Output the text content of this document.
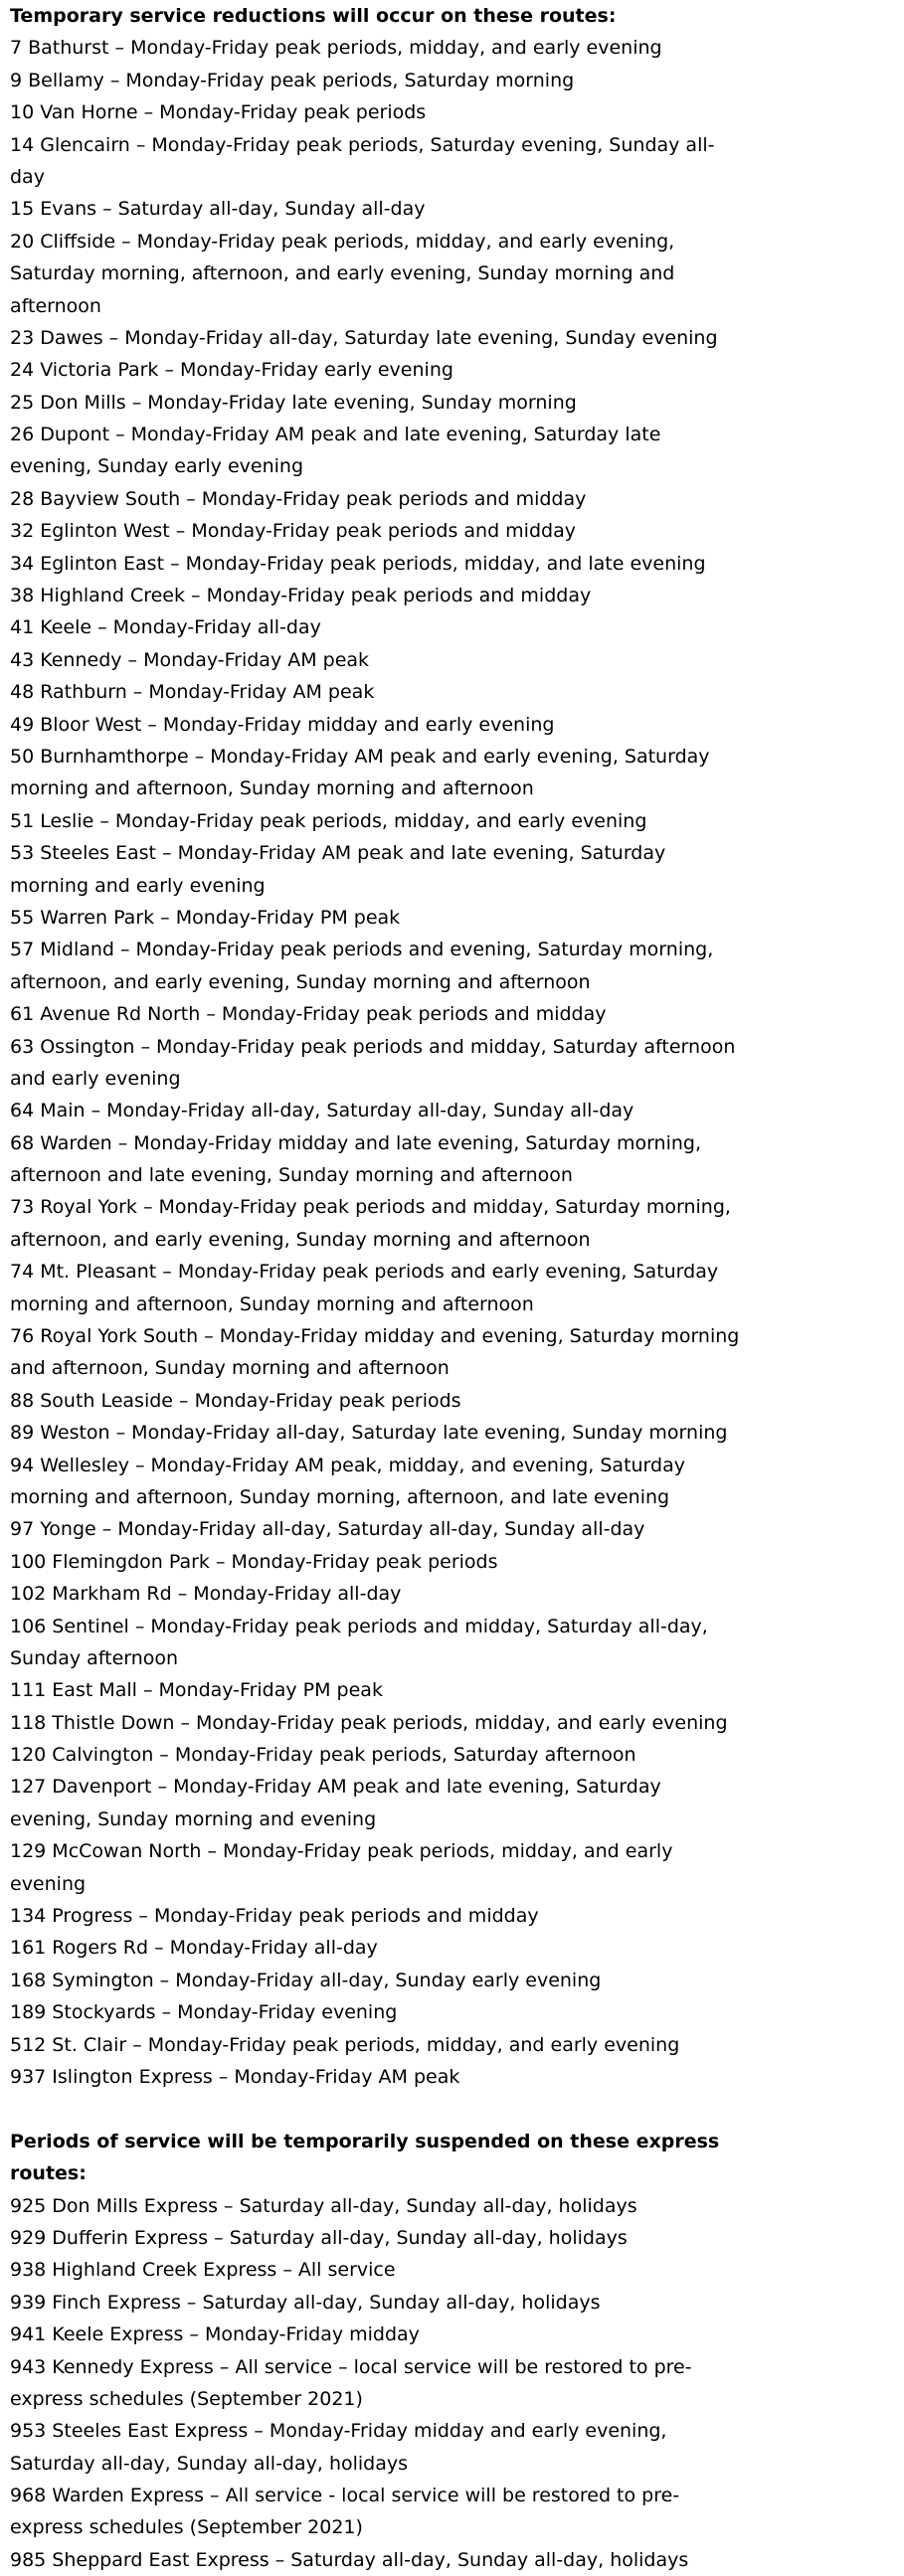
Temporary service reductions will occur on these routes:
7 Bathurst – Monday-Friday peak periods, midday, and early evening
9 Bellamy – Monday-Friday peak periods, Saturday morning
10 Van Horne – Monday-Friday peak periods
14 Glencairn – Monday-Friday peak periods, Saturday evening, Sunday all-day
15 Evans – Saturday all-day, Sunday all-day
20 Cliffside – Monday-Friday peak periods, midday, and early evening, Saturday morning, afternoon, and early evening, Sunday morning and afternoon
23 Dawes – Monday-Friday all-day, Saturday late evening, Sunday evening
24 Victoria Park – Monday-Friday early evening
25 Don Mills – Monday-Friday late evening, Sunday morning
26 Dupont – Monday-Friday AM peak and late evening, Saturday late evening, Sunday early evening
28 Bayview South – Monday-Friday peak periods and midday
32 Eglinton West – Monday-Friday peak periods and midday
34 Eglinton East – Monday-Friday peak periods, midday, and late evening
38 Highland Creek – Monday-Friday peak periods and midday
41 Keele – Monday-Friday all-day
43 Kennedy – Monday-Friday AM peak
48 Rathburn – Monday-Friday AM peak
49 Bloor West – Monday-Friday midday and early evening
50 Burnhamthorpe – Monday-Friday AM peak and early evening, Saturday morning and afternoon, Sunday morning and afternoon
51 Leslie – Monday-Friday peak periods, midday, and early evening
53 Steeles East – Monday-Friday AM peak and late evening, Saturday morning and early evening
55 Warren Park – Monday-Friday PM peak
57 Midland – Monday-Friday peak periods and evening, Saturday morning, afternoon, and early evening, Sunday morning and afternoon
61 Avenue Rd North – Monday-Friday peak periods and midday
63 Ossington – Monday-Friday peak periods and midday, Saturday afternoon and early evening
64 Main – Monday-Friday all-day, Saturday all-day, Sunday all-day
68 Warden – Monday-Friday midday and late evening, Saturday morning, afternoon and late evening, Sunday morning and afternoon
73 Royal York – Monday-Friday peak periods and midday, Saturday morning, afternoon, and early evening, Sunday morning and afternoon
74 Mt. Pleasant – Monday-Friday peak periods and early evening, Saturday morning and afternoon, Sunday morning and afternoon
76 Royal York South – Monday-Friday midday and evening, Saturday morning and afternoon, Sunday morning and afternoon
88 South Leaside – Monday-Friday peak periods
89 Weston – Monday-Friday all-day, Saturday late evening, Sunday morning
94 Wellesley – Monday-Friday AM peak, midday, and evening, Saturday morning and afternoon, Sunday morning, afternoon, and late evening
97 Yonge – Monday-Friday all-day, Saturday all-day, Sunday all-day
100 Flemingdon Park – Monday-Friday peak periods
102 Markham Rd – Monday-Friday all-day
106 Sentinel – Monday-Friday peak periods and midday, Saturday all-day, Sunday afternoon
111 East Mall – Monday-Friday PM peak
118 Thistle Down – Monday-Friday peak periods, midday, and early evening
120 Calvington – Monday-Friday peak periods, Saturday afternoon
127 Davenport – Monday-Friday AM peak and late evening, Saturday evening, Sunday morning and evening
129 McCowan North – Monday-Friday peak periods, midday, and early evening
134 Progress – Monday-Friday peak periods and midday
161 Rogers Rd – Monday-Friday all-day
168 Symington – Monday-Friday all-day, Sunday early evening
189 Stockyards – Monday-Friday evening
512 St. Clair – Monday-Friday peak periods, midday, and early evening
937 Islington Express – Monday-Friday AM peak
Periods of service will be temporarily suspended on these express routes:
925 Don Mills Express – Saturday all-day, Sunday all-day, holidays
929 Dufferin Express – Saturday all-day, Sunday all-day, holidays
938 Highland Creek Express – All service
939 Finch Express – Saturday all-day, Sunday all-day, holidays
941 Keele Express – Monday-Friday midday
943 Kennedy Express – All service – local service will be restored to pre-express schedules (September 2021)
953 Steeles East Express – Monday-Friday midday and early evening, Saturday all-day, Sunday all-day, holidays
968 Warden Express – All service - local service will be restored to pre-express schedules (September 2021)
985 Sheppard East Express – Saturday all-day, Sunday all-day, holidays
